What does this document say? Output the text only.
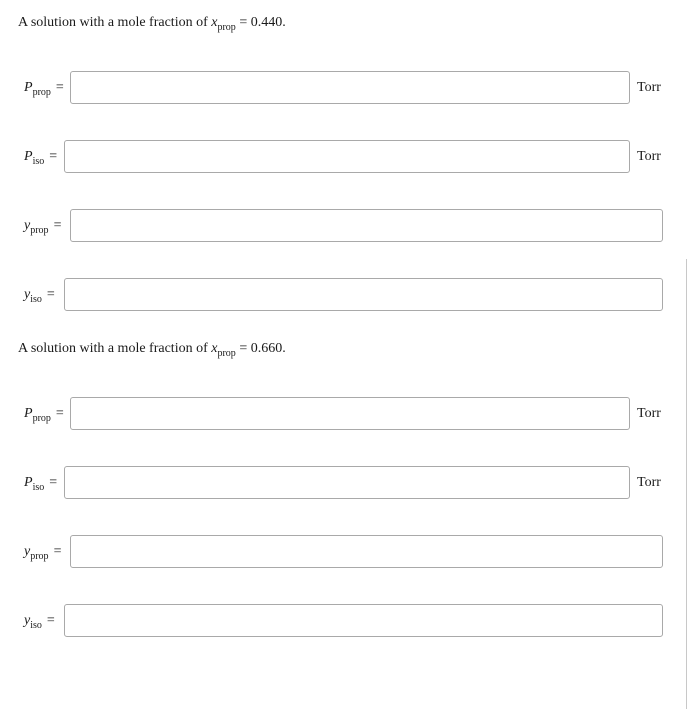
A solution with a mole fraction of $x_{prop} = 0.440$.
$P_{prop}$ =	Torr
$P_{iso}$ =	Torr
$y_{prop}$ =
$y_{iso}$ =
A solution with a mole fraction of $x_{prop} = 0.660$.
$P_{prop}$ =	Torr
$P_{iso}$ =	Torr
$y_{prop}$ =
$y_{iso}$ =
